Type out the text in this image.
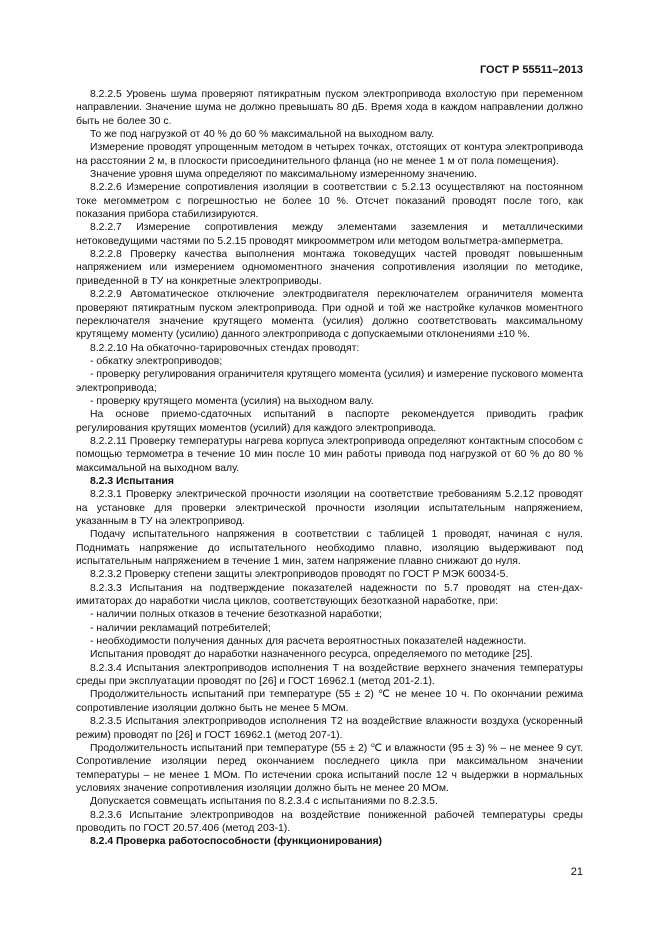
ГОСТ Р 55511–2013

8.2.2.5 Уровень шума проверяют пятикратным пуском электропривода вхолостую при переменном направлении. Значение шума не должно превышать 80 дБ. Время хода в каждом направлении должно быть не более 30 с.

То же под нагрузкой от 40 % до 60 % максимальной на выходном валу.

Измерение проводят упрощенным методом в четырех точках, отстоящих от контура электропривода на расстоянии 2 м, в плоскости присоединительного фланца (но не менее 1 м от пола помещения).

Значение уровня шума определяют по максимальному измеренному значению.

8.2.2.6 Измерение сопротивления изоляции в соответствии с 5.2.13 осуществляют на постоянном токе мегомметром с погрешностью не более 10 %. Отсчет показаний проводят после того, как показания прибора стабилизируются.

8.2.2.7 Измерение сопротивления между элементами заземления и металлическими нетоковедущими частями по 5.2.15 проводят микроомметром или методом вольтметра-амперметра.

8.2.2.8 Проверку качества выполнения монтажа токоведущих частей проводят повышенным напряжением или измерением одномоментного значения сопротивления изоляции по методике, приведенной в ТУ на конкретные электроприводы.

8.2.2.9 Автоматическое отключение электродвигателя переключателем ограничителя момента проверяют пятикратным пуском электропривода. При одной и той же настройке кулачков моментного переключателя значение крутящего момента (усилия) должно соответствовать максимальному крутящему моменту (усилию) данного электропривода с допускаемыми отклонениями ±10 %.

8.2.2.10 На обкаточно-тарировочных стендах проводят:

- обкатку электроприводов;

- проверку регулирования ограничителя крутящего момента (усилия) и измерение пускового момента электропривода;

- проверку крутящего момента (усилия) на выходном валу.

На основе приемо-сдаточных испытаний в паспорте рекомендуется приводить график регулирования крутящих моментов (усилий) для каждого электропривода.

8.2.2.11 Проверку температуры нагрева корпуса электропривода определяют контактным способом с помощью термометра в течение 10 мин после 10 мин работы привода под нагрузкой от 60 % до 80 % максимальной на выходном валу.

8.2.3 Испытания

8.2.3.1 Проверку электрической прочности изоляции на соответствие требованиям 5.2.12 проводят на установке для проверки электрической прочности изоляции испытательным напряжением, указанным в ТУ на электропривод.

Подачу испытательного напряжения в соответствии с таблицей 1 проводят, начиная с нуля. Поднимать напряжение до испытательного необходимо плавно, изоляцию выдерживают под испытательным напряжением в течение 1 мин, затем напряжение плавно снижают до нуля.

8.2.3.2 Проверку степени защиты электроприводов проводят по ГОСТ Р МЭК 60034-5.

8.2.3.3 Испытания на подтверждение показателей надежности по 5.7 проводят на стен-дах-имитаторах до наработки числа циклов, соответствующих безотказной наработке, при:

- наличии полных отказов в течение безотказной наработки;

- наличии рекламаций потребителей;

- необходимости получения данных для расчета вероятностных показателей надежности.

Испытания проводят до наработки назначенного ресурса, определяемого по методике [25].

8.2.3.4 Испытания электроприводов исполнения Т на воздействие верхнего значения температуры среды при эксплуатации проводят по [26] и ГОСТ 16962.1 (метод 201-2.1).

Продолжительность испытаний при температуре (55 ± 2) ℃ не менее 10 ч. По окончании режима сопротивление изоляции должно быть не менее 5 МОм.

8.2.3.5 Испытания электроприводов исполнения Т2 на воздействие влажности воздуха (ускоренный режим) проводят по [26] и ГОСТ 16962.1 (метод 207-1).

Продолжительность испытаний при температуре (55 ± 2) ℃ и влажности (95 ± 3) % – не менее 9 сут. Сопротивление изоляции перед окончанием последнего цикла при максимальном значении температуры – не менее 1 МОм. По истечении срока испытаний после 12 ч выдержки в нормальных условиях значение сопротивления изоляции должно быть не менее 20 МОм.

Допускается совмещать испытания по 8.2.3.4 с испытаниями по 8.2.3.5.

8.2.3.6 Испытание электроприводов на воздействие пониженной рабочей температуры среды проводить по ГОСТ 20.57.406 (метод 203-1).

8.2.4 Проверка работоспособности (функционирования)

21
